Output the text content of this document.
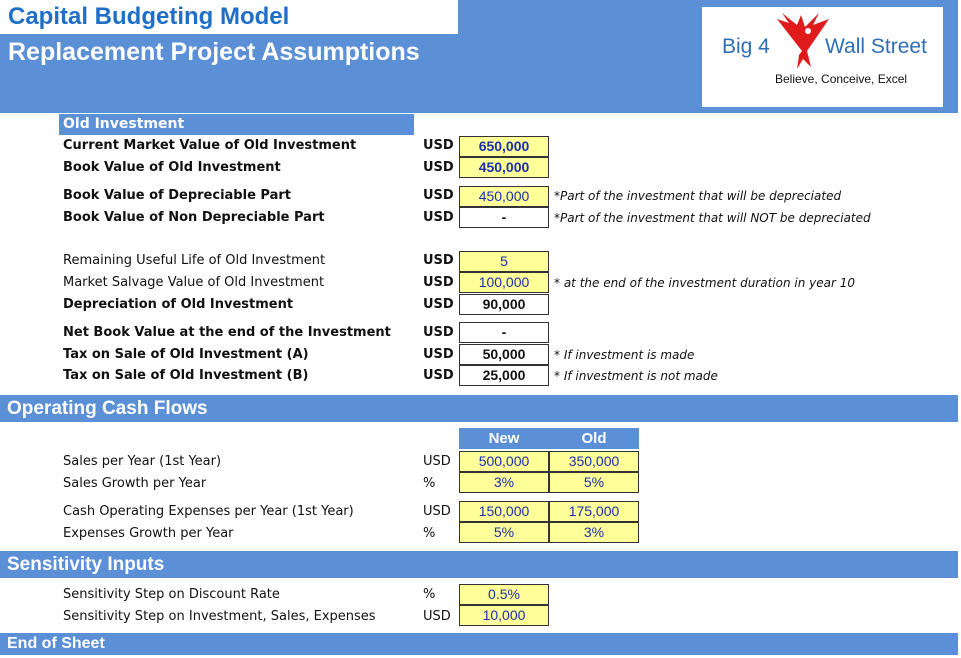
Capital Budgeting Model
Replacement Project Assumptions	Big 4	Wall Street
Believe, Conceive, Excel
Old Investment
Current Market Value of Old Investment	USD	650,000
Book Value of Old Investment	USD	450,000
Book Value of Depreciable Part	USD	450,000	*Part of the investment that will be depreciated
Book Value of Non Depreciable Part	USD	-	*Part of the investment that will NOT be depreciated
Remaining Useful Life of Old Investment	USD	5
Market Salvage Value of Old Investment	USD	100,000	* at the end of the investment duration in year 10
Depreciation of Old Investment	USD	90,000
Net Book Value at the end of the Investment USD	-
Tax on Sale of Old Investment (A)	USD	50,000	* If investment is made
Tax on Sale of Old Investment (B)	USD	25,000	* If investment is not made
Operating Cash Flows
New	Old
Sales per Year (1st Year)	USD	500,000	350,000
Sales Growth per Year	%	3%	5%
Cash Operating Expenses per Year (1st Year)	USD	150,000	175,000
Expenses Growth per Year	%	5%	3%
Sensitivity Inputs
Sensitivity Step on Discount Rate	%	0.5%
Sensitivity Step on Investment, Sales, Expenses	USD	10,000
End of Sheet
